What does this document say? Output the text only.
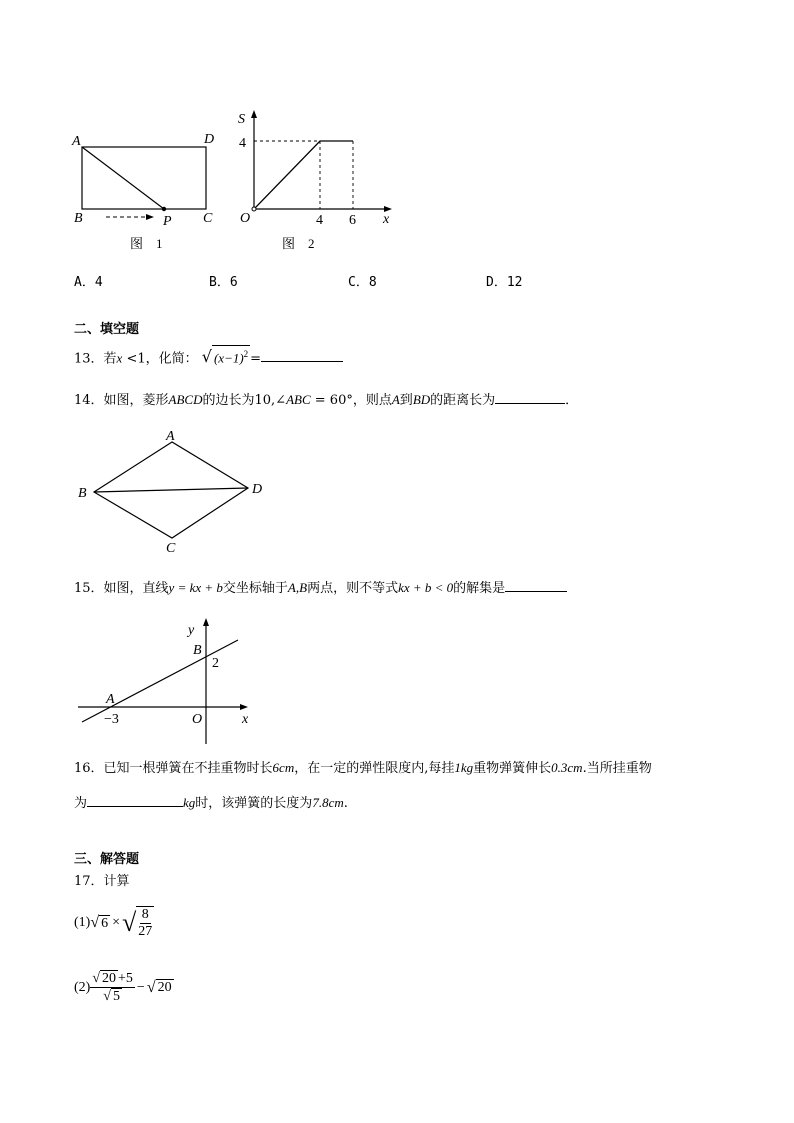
A	D
B	P C
图　1
S
4
O	4 6 x
图　2
A．4	B．6	C．8	D．12
二、填空题
13．若x <1，化简： √ $(x-1)^2$ =
14．如图，菱形ABCD的边长为10,∠ABC = 60°，则点A到BD的距离长为	．
A
B
C
D
15．如图，直线y = kx + b交坐标轴于A,B两点，则不等式kx + b < 0的解集是
y
B
2
A
−3	O	x
16．已知一根弹簧在不挂重物时长6cm，在一定的弹性限度内,每挂1kg重物弹簧伸长0.3cm.当所挂重物
为	kg时，该弹簧的长度为7.8cm.
三、解答题
17．计算
(1) √ 6 × √ $\frac{8}{27}$
$(2) \frac{√ 20 +5}{√ 5}$ − √ 20
